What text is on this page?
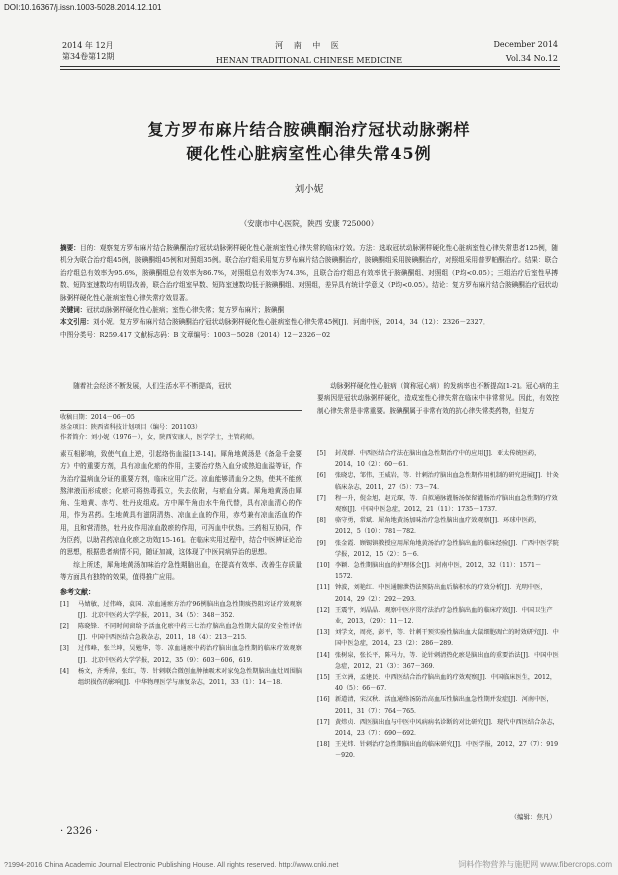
DOI:10.16367/j.issn.1003-5028.2014.12.101
2014 年 12月
第34卷第12期
河 南 中 医
HENAN TRADITIONAL CHINESE MEDICINE
December 2014
Vol.34 No.12
复方罗布麻片结合胺碘酮治疗冠状动脉粥样
硬化性心脏病室性心律失常45例
刘小妮
（安康市中心医院，陕西 安康 725000）
摘要：目的：观察复方罗布麻片结合胺碘酮治疗冠状动脉粥样硬化性心脏病室性心律失常的临床疗效。方法：选取冠状动脉粥样硬化性心脏病室性心律失常患者125例，随机分为联合治疗组45例，胺碘酮组45例和对照组35例。联合治疗组采用复方罗布麻片结合胺碘酮治疗，胺碘酮组采用胺碘酮治疗，对照组采用普罗帕酮治疗。结果：联合治疗组总有效率为95.6%，胺碘酮组总有效率为86.7%，对照组总有效率为74.3%，且联合治疗组总有效率优于胺碘酮组、对照组（P均<0.05）；三组治疗后室性早搏数、短阵室速数均有明显改善，联合治疗组室早数、短阵室速数均低于胺碘酮组、对照组，差异具有统计学意义（P均<0.05）。结论：复方罗布麻片结合胺碘酮治疗冠状动脉粥样硬化性心脏病室性心律失常疗效显著。
关键词：冠状动脉粥样硬化性心脏病；室性心律失常；复方罗布麻片；胺碘酮
本文引用：刘小妮．复方罗布麻片结合胺碘酮治疗冠状动脉粥样硬化性心脏病室性心律失常45例[J]．河南中医，2014，34（12）：2326－2327．
中图分类号：R259.417 文献标志码：B 文章编号：1003－5028（2014）12－2326－02
随着社会经济不断发展，人们生活水平不断提高，冠状	动脉粥样硬化性心脏病（简称冠心病）的发病率也不断提高[1-2]。冠心病的主要病因是冠状动脉粥样硬化，造成室性心律失常在临床中非常常见。因此，有效控制心律失常是非常重要。胺碘酮属于非常有效的抗心律失常类药物，但复方
收稿日期：2014－06－05
基金项目：陕西省科技计划项目（编号：201103）
作者简介：刘小妮（1976－），女，陕西安康人，医学学士，主管药师。
素互相影响，致使气血上逆，引起络伤血溢[13-14]。犀角地黄汤是《备急千金要方》中的重要方剂，具有凉血化瘀的作用，主要治疗热入血分或热迫血溢等证，作为治疗温病血分证的重要方剂，临床应用广泛。凉血能够清血分之热，使其不能煎熬津液而形成瘀；化瘀可将热毒孤立，失去依附，与瘀血分离。犀角地黄汤由犀角、生地黄、赤芍、牡丹皮组成。方中犀牛角由水牛角代替，具有凉血清心的作用，作为君药。生地黄具有滋阴清热、凉血止血的作用，赤芍兼有凉血活血的作用，且和营清热，牡丹皮作用凉血散瘀的作用，可泻血中伏热。三药相互协同，作为臣药，以助君药凉血化瘀之功效[15-16]。在临床实用过程中，结合中医辨证论治的思想，根据患者病情不同，随证加减，这体现了中医同病异治的思想。
综上所述，犀角地黄汤加味治疗急性期脑出血，在提高有效率、改善生存质量等方面具有独特的效果，值得推广应用。
参考文献：
[1]	马婧敏，过伟峰，袁国．凉血通瘀方治疗96例脑出血急性期痰热阻窍证疗效观察[J]．北京中医药大学学报，2011，34（5）：348－352．
[2]	陈晓锋．不同时间窗给予活血化瘀中药三七治疗脑出血急性期大鼠的安全性评估[J]．中国中西医结合急救杂志，2011，18（4）：213－215．
[3]	过伟峰，张兰坤，吴勉华，等．凉血通瘀中药治疗脑出血急性期的临床疗效观察[J]．北京中医药大学学报，2012，35（9）：603－606，619．
[4]	杨文，齐秀萍，张红，等．针刺联合微创血肿抽吸术对家兔急性期脑出血灶周围脑组织损伤的影响[J]．中华物理医学与康复杂志，2011，33（1）：14－18．
[5]	封茂群．中西医结合疗法在脑出血急性期治疗中的应用[J]．亚太传统医药，2014，10（2）：60－61．
[6]	张晓忠，邹伟，王威岩，等．针刺治疗脑出血急性期作用机制的研究进展[J]．针灸临床杂志，2011，27（5）：73－74．
[7]	程一升，倪金旭，赵元琛，等．自拟通脉灌肠汤保留灌肠治疗脑出血急性期的疗效观察[J]．中国中医急症，2012，21（11）：1735－1737．
[8]	骆守勇，常斌．犀角地黄汤加味治疗急性脑出血疗效观察[J]．环球中医药，2012，5（10）：781－782．
[9]	张金霞．顾锡镇教授应用犀角地黄汤治疗急性脑出血的临床经验[J]．广西中医学院学报，2012，15（2）：5－6．
[10] 李颖．急性期脑出血的护理体会[J]．河南中医，2012，32（11）：1571－1572．
[11] 钟波，刘艳红．中医通腑泄热法预防出血后脑积水的疗效分析[J]．光明中医，2014，29（2）：292－293．
[12] 王震宇，刘晶晶．观察中医序贯疗法治疗急性脑出血的临床疗效[J]．中国卫生产业，2013，（29）：11－12．
[13] 刘学文，周亮，彭平，等．针刺干预实验性脑出血大鼠细胞凋亡的时效研究[J]．中国中医急症，2014，23（2）：286－289．
[14] 张树泉，张长平，陈马力，等．论针刺清热化瘀是脑出血的重要治法[J]．中国中医急症，2012，21（3）：367－369．
[15] 王立洲，孟建民．中西医结合治疗脑出血的疗效观察[J]．中国临床医生，2012，40（5）：66－67．
[16] 新道清，宋汉秋．活血通络汤防治高血压性脑出血急性期并发症[J]．河南中医，2011，31（7）：764－765．
[17] 黄炜贞．西医脑出血与中医中风病病名诊断的对比研究[J]．现代中西医结合杂志，2014，23（7）：690－692．
[18] 王光炜．针刺治疗急性期脑出血的临床研究[J]．中医学报，2012，27（7）：919－920．
（编辑：焦凡）
· 2326 ·
?1994-2016 China Academic Journal Electronic Publishing House. All rights reserved. http://www.cnki.net	饲料作物营养与施肥网 www.fibercrops.com
